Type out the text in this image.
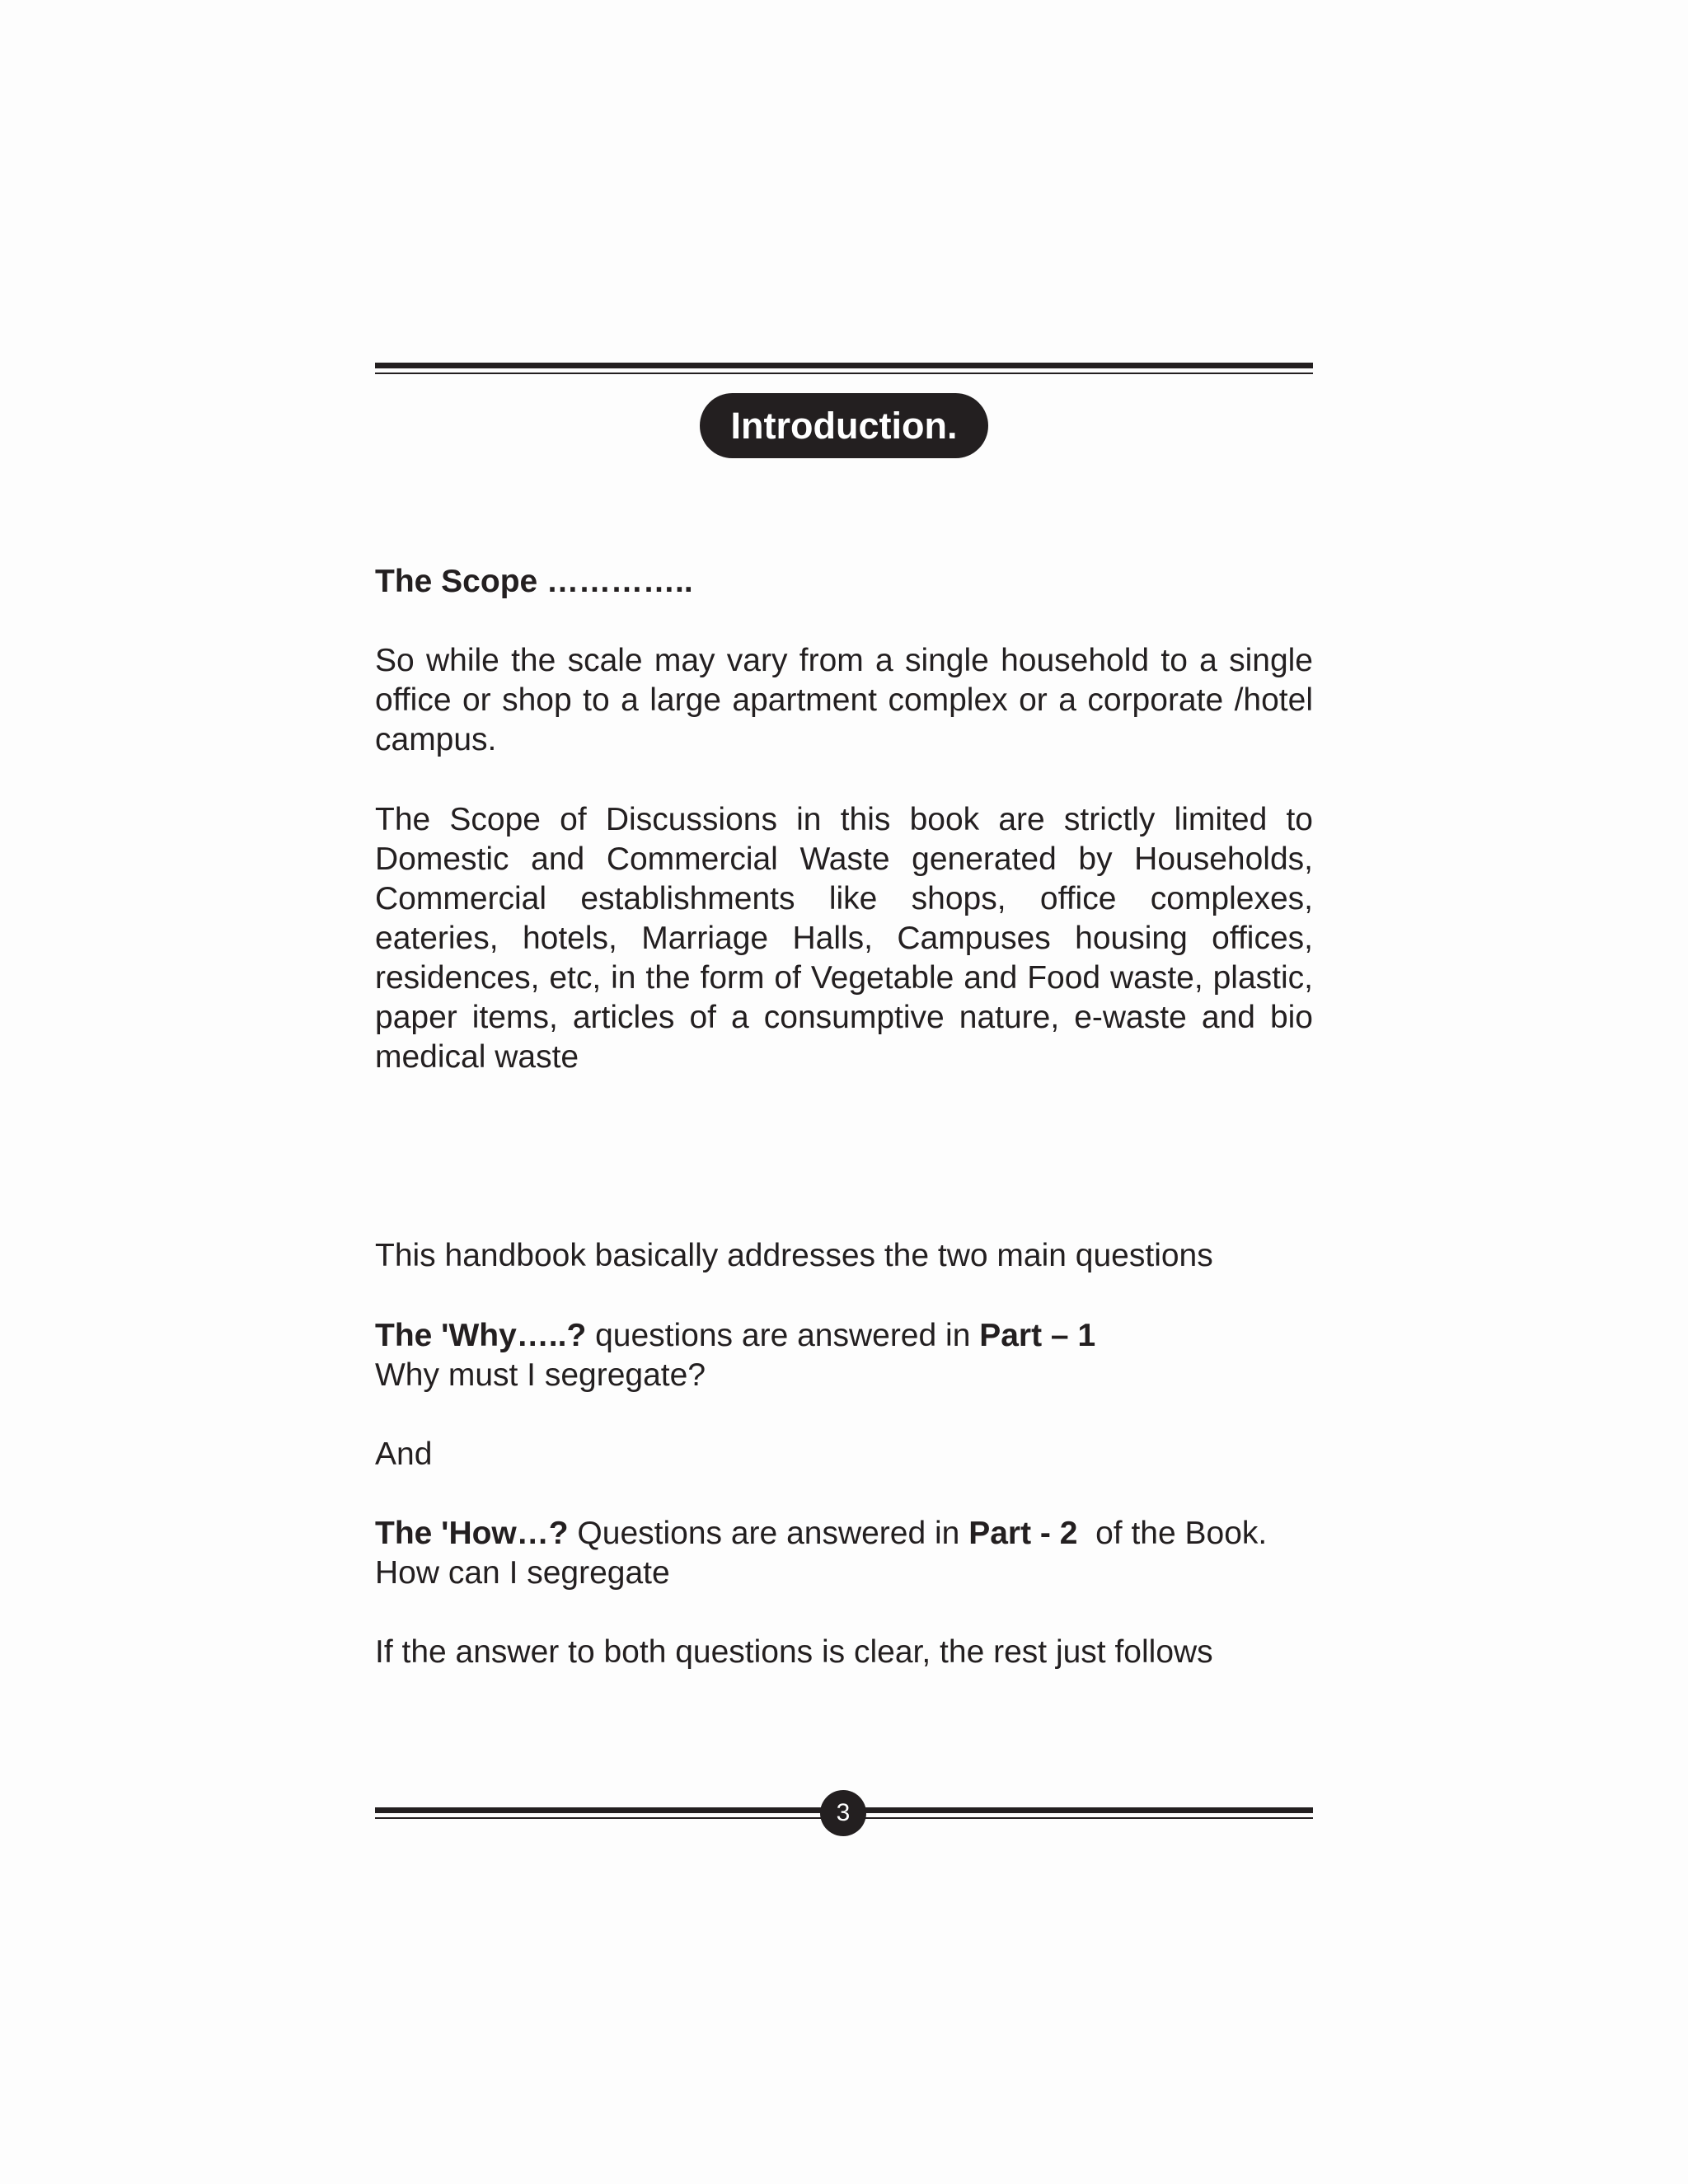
Introduction.

The Scope …………..

So while the scale may vary from a single household to a single office or shop to a large apartment complex or a corporate /hotel campus.

The Scope of Discussions in this book are strictly limited to Domestic and Commercial Waste generated by Households, Commercial establishments like shops, office complexes, eateries, hotels, Marriage Halls, Campuses housing offices, residences, etc, in the form of Vegetable and Food waste, plastic, paper items, articles of a consumptive nature, e-waste and bio medical waste

This handbook basically addresses the two main questions

The 'Why…..? questions are answered in Part – 1

Why must I segregate?

And

The 'How…? Questions are answered in Part - 2  of the Book.

How can I segregate

If the answer to both questions is clear, the rest just follows

3
